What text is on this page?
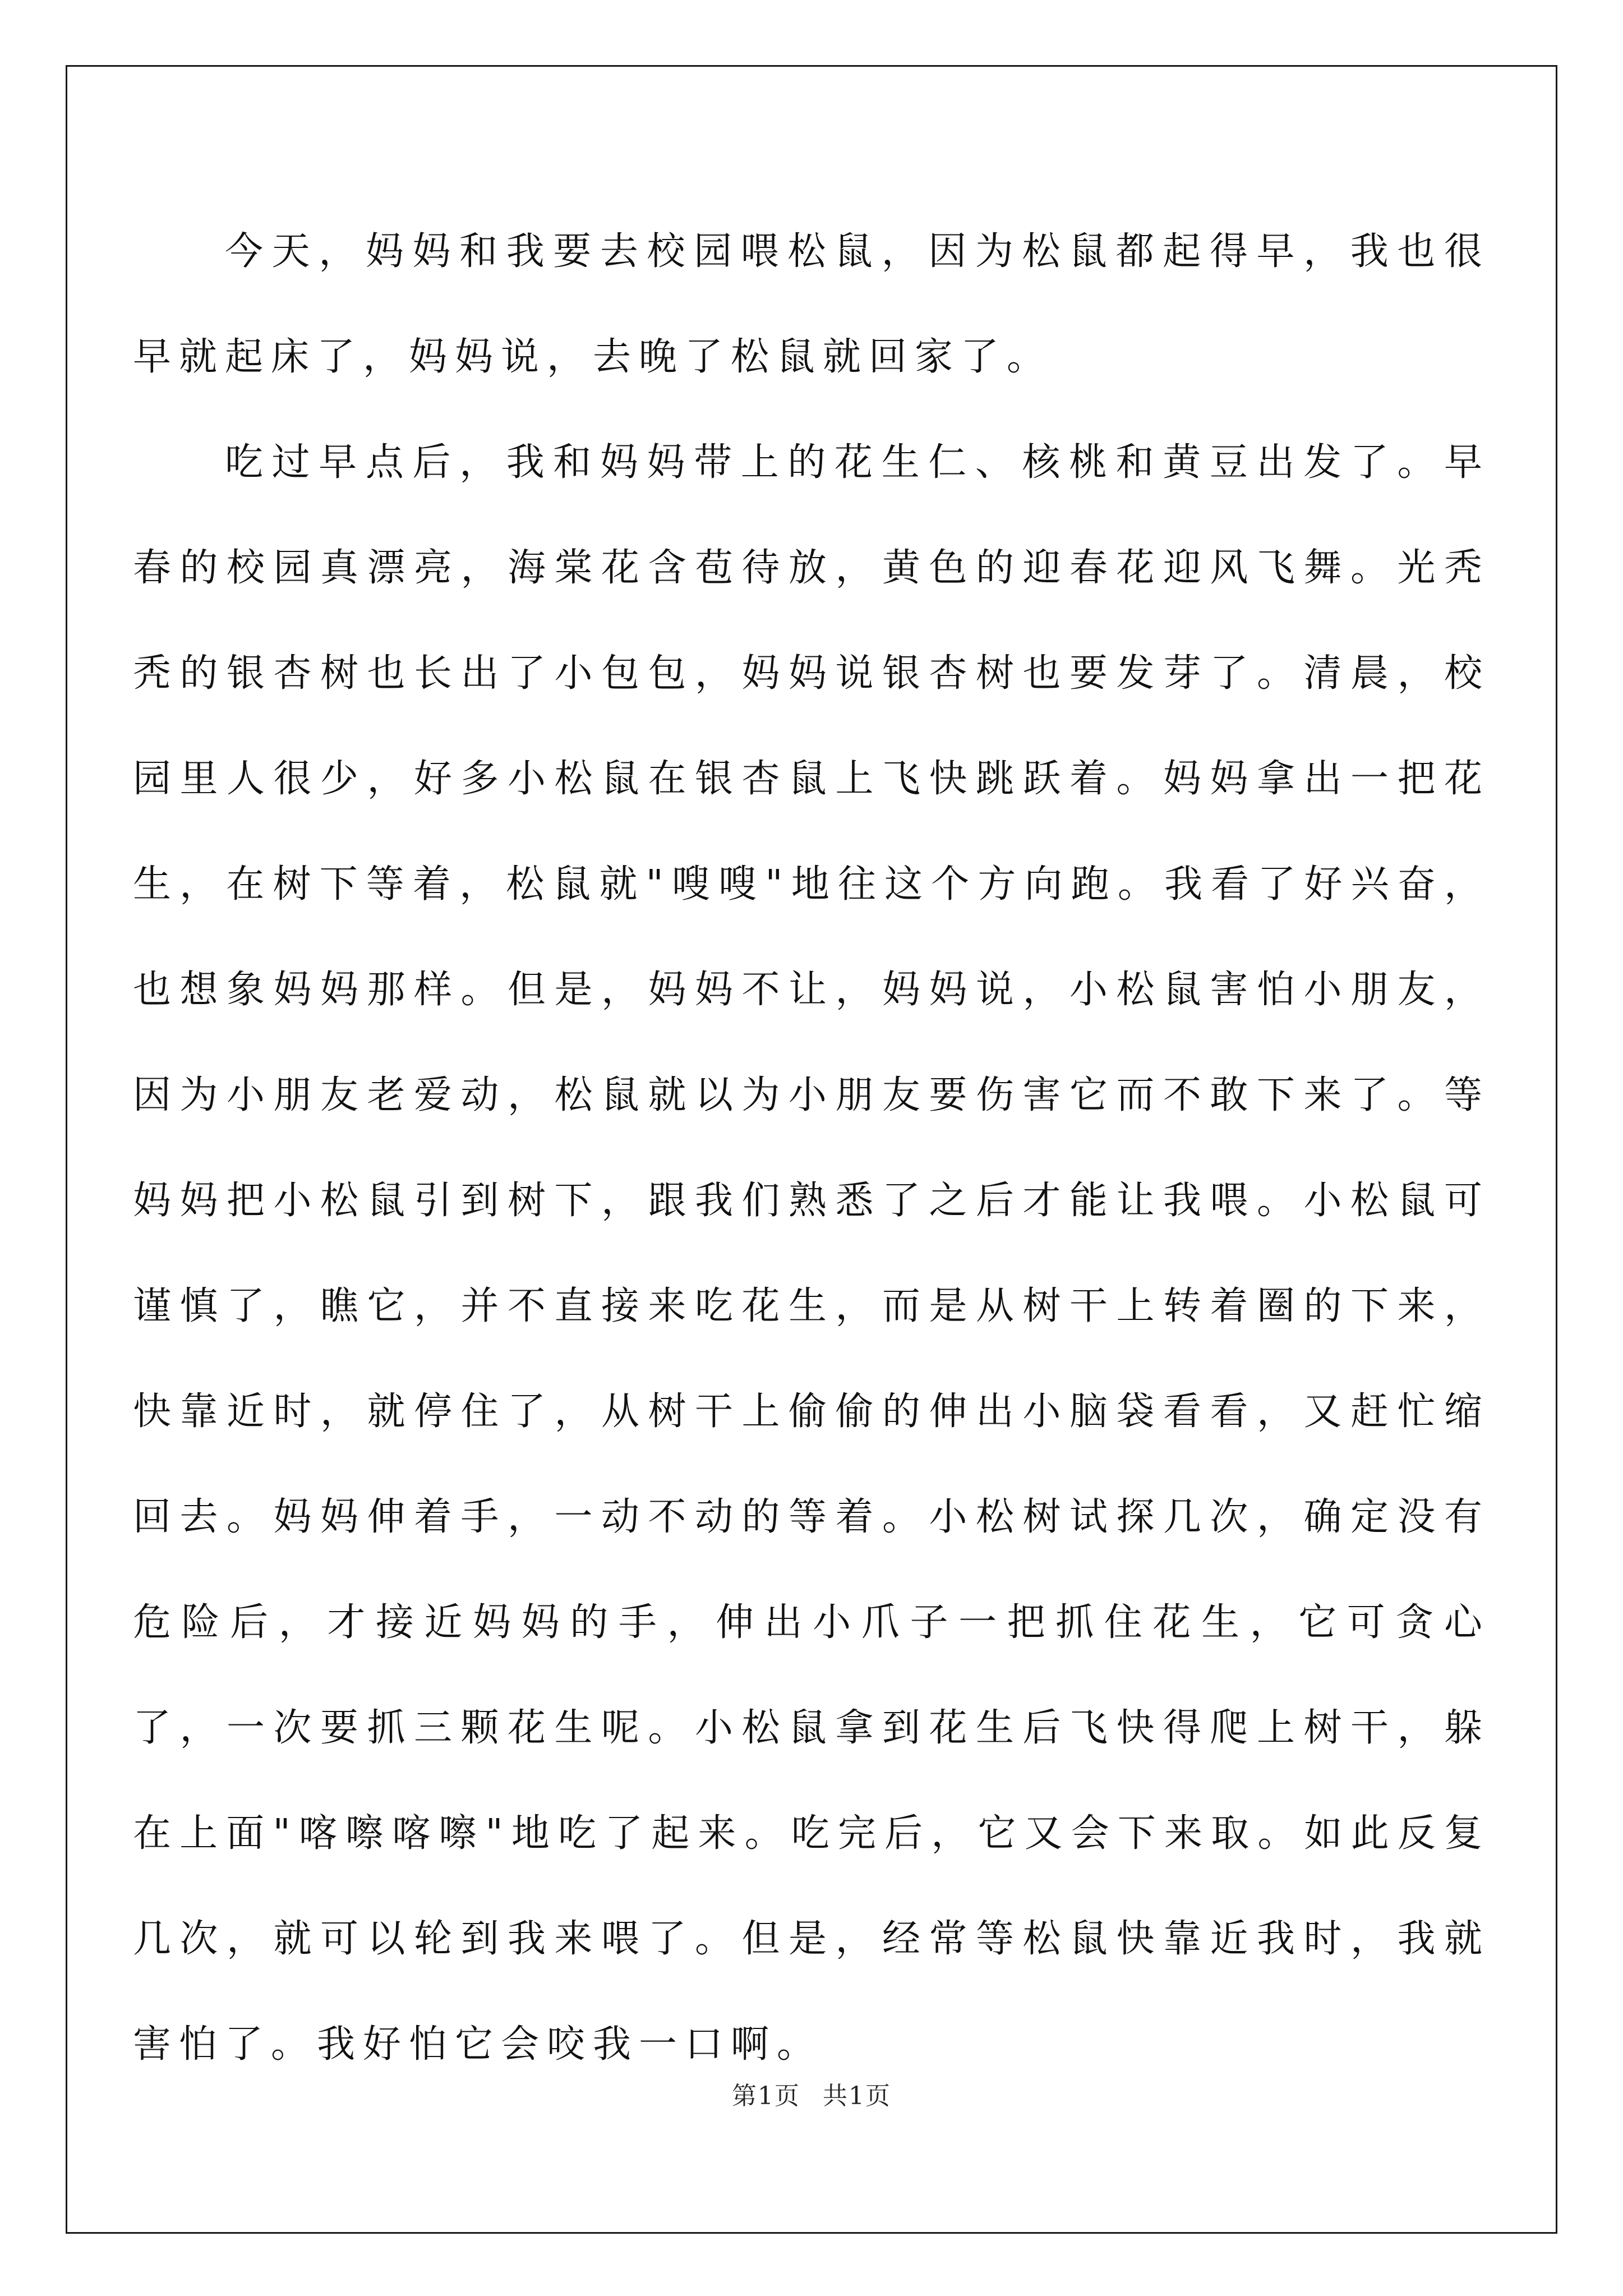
今天，妈妈和我要去校园喂松鼠，因为松鼠都起得早，我也很早就起床了，妈妈说，去晚了松鼠就回家了。

吃过早点后，我和妈妈带上的花生仁、核桃和黄豆出发了。早春的校园真漂亮，海棠花含苞待放，黄色的迎春花迎风飞舞。光秃秃的银杏树也长出了小包包，妈妈说银杏树也要发芽了。清晨，校园里人很少，好多小松鼠在银杏鼠上飞快跳跃着。妈妈拿出一把花生，在树下等着，松鼠就"嗖嗖"地往这个方向跑。我看了好兴奋，也想象妈妈那样。但是，妈妈不让，妈妈说，小松鼠害怕小朋友，因为小朋友老爱动，松鼠就以为小朋友要伤害它而不敢下来了。等妈妈把小松鼠引到树下，跟我们熟悉了之后才能让我喂。小松鼠可谨慎了，瞧它，并不直接来吃花生，而是从树干上转着圈的下来，快靠近时，就停住了，从树干上偷偷的伸出小脑袋看看，又赶忙缩回去。妈妈伸着手，一动不动的等着。小松树试探几次，确定没有危险后，才接近妈妈的手，伸出小爪子一把抓住花生，它可贪心了，一次要抓三颗花生呢。小松鼠拿到花生后飞快得爬上树干，躲在上面"喀嚓喀嚓"地吃了起来。吃完后，它又会下来取。如此反复几次，就可以轮到我来喂了。但是，经常等松鼠快靠近我时，我就害怕了。我好怕它会咬我一口啊。

第1页 共1页
